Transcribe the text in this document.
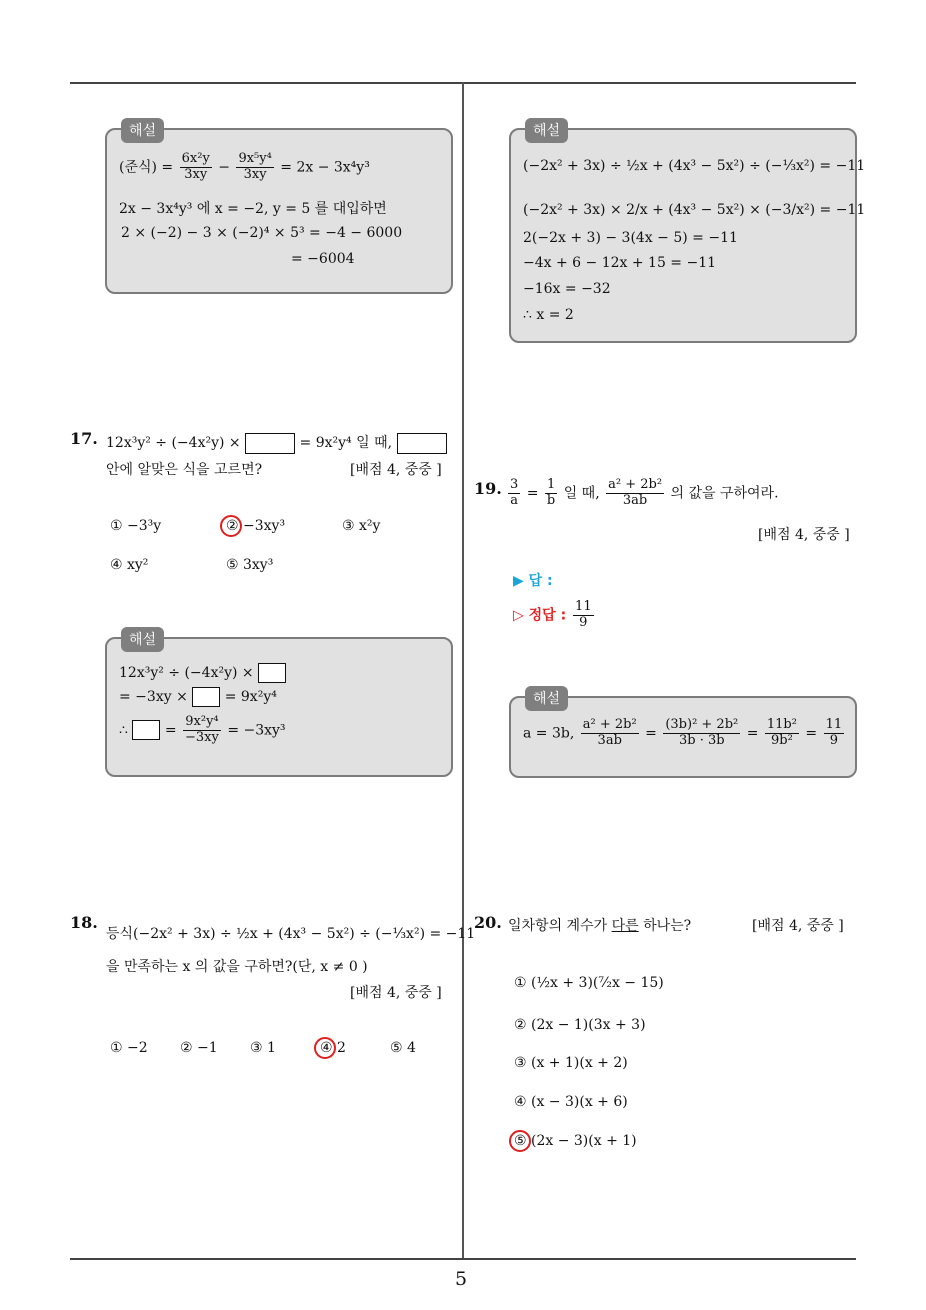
5
해설
(준식) = $\frac{\text{6x²y}}{3xy} - \frac{\text{9x⁵y⁴}}{3xy} = 2x - 3x^4y^3$
2x − 3x⁴y³ 에 x = −2, y = 5 를 대입하면
2 × (−2) − 3 × (−2)⁴ × 5³ = −4 − 6000
= −6004
17. 12x³y² ÷ (−4x²y) ×	= 9x²y⁴ 일 때,
안에 알맞은 식을 고르면?	[배점 4, 중중 ]
① −3³y	② −3xy³	③ x²y
④ xy²	⑤ 3xy³
해설
12x³y² ÷ (−4x²y) ×
= −3xy ×	= 9x²y⁴
∴  = $\frac{\text{9x²y⁴}}{-3xy} = -3xy^3$
18.
등식(−2x² + 3x) ÷ ½x + (4x³ − 5x²) ÷ (−⅓x²) = −11
을 만족하는 x 의 값을 구하면?(단, x ≠ 0 )
[배점 4, 중중 ]
① −2 ② −1 ③ 1	④ 2	⑤ 4
해설
(−2x² + 3x) ÷ ½x + (4x³ − 5x²) ÷ (−⅓x²) = −11
(−2x² + 3x) × 2/x + (4x³ − 5x²) × (−3/x²) = −11
2(−2x + 3) − 3(4x − 5) = −11
−4x + 6 − 12x + 15 = −11
−16x = −32
∴ x = 2
19. $\frac{3}{a} = \frac{1}{b}$ 일 때, $\frac{\text{a² + 2b²}}{3ab}$ 의 값을 구하여라.
[배점 4, 중중 ]
▶ 답 :
▷ 정답 : $\frac{11}{9}$
해설
a = 3b, $\frac{\text{a² + 2b²}}{3ab} = \frac{\text{(3b)² + 2b²}}{3b \cdot 3b} = \frac{\text{11b²}}{\text{9b²}} = \frac{11}{9}$
20. 일차항의 계수가 다른 하나는?	[배점 4, 중중 ]
① (½x + 3)(⁷⁄₂x − 15)
② (2x − 1)(3x + 3)
③ (x + 1)(x + 2)
④ (x − 3)(x + 6)
⑤ (2x − 3)(x + 1)
